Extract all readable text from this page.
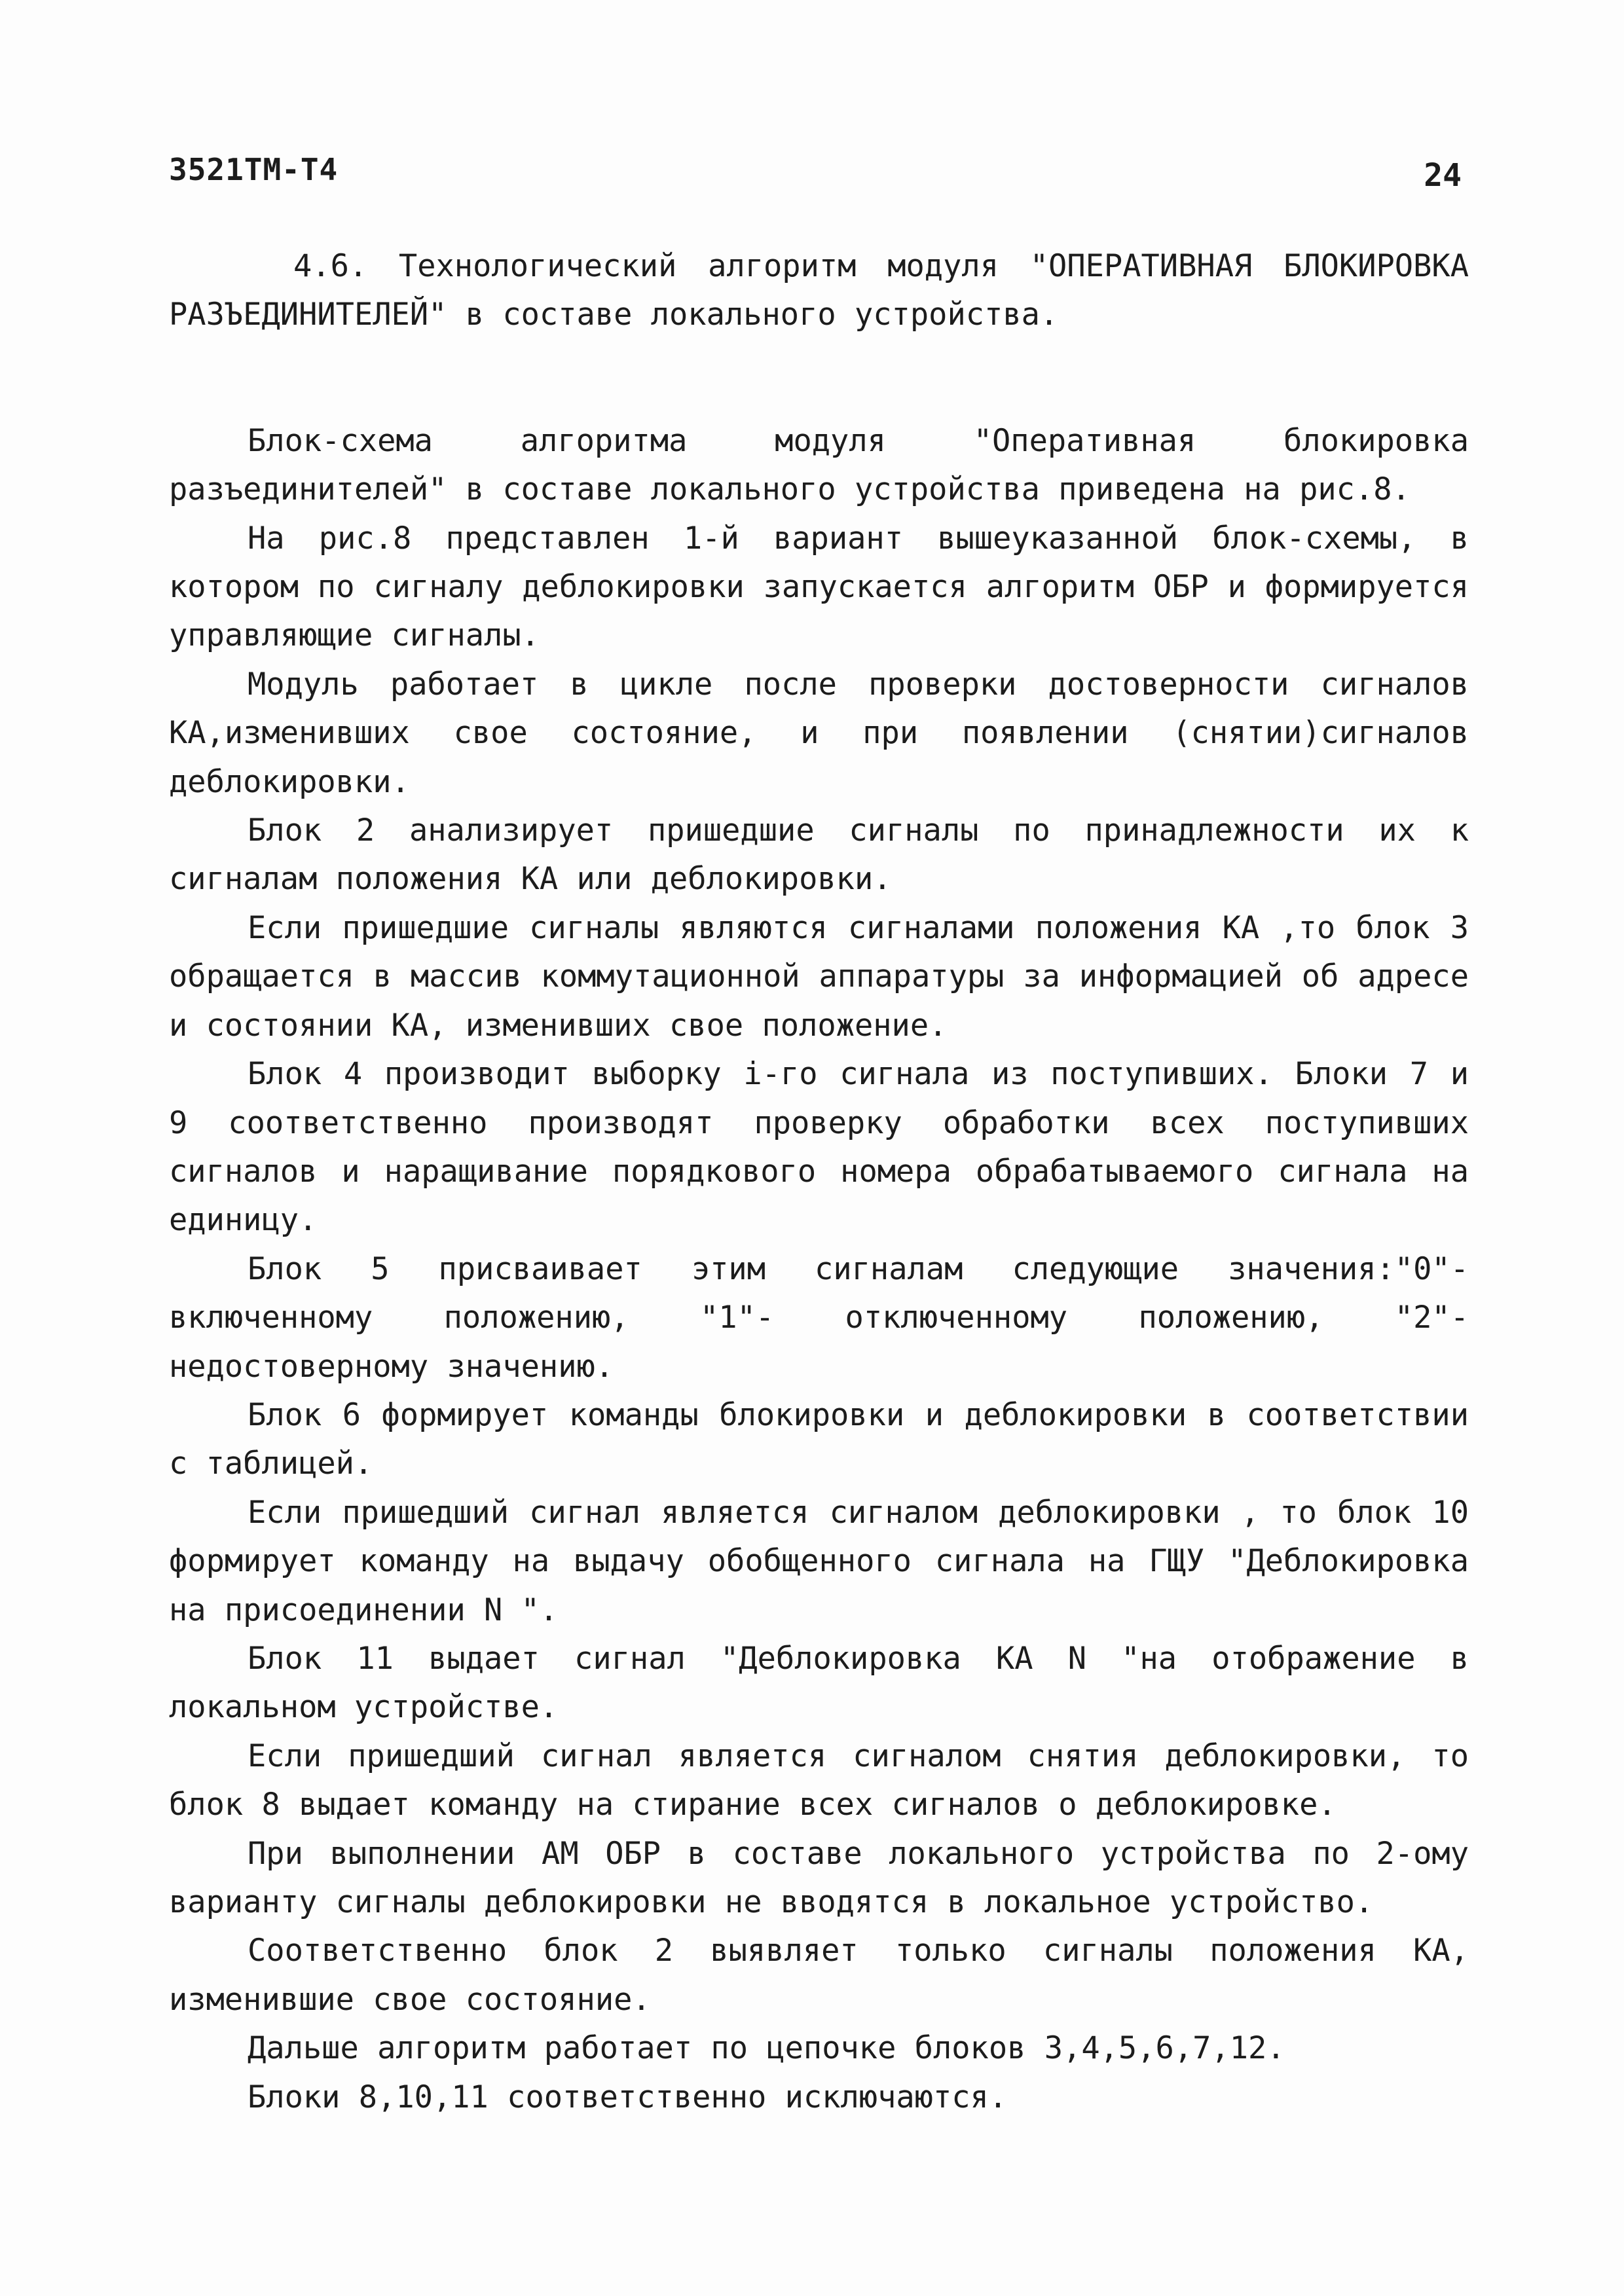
3521ТМ-Т4	24

4.6. Технологический алгоритм модуля "ОПЕРАТИВНАЯ БЛОКИРОВКА РАЗЪЕДИНИТЕЛЕЙ" в составе локального устройства.

Блок-схема алгоритма модуля "Оперативная блокировка разъединителей" в составе локального устройства приведена на рис.8.

На рис.8 представлен 1-й вариант вышеуказанной блок-схемы, в котором по сигналу деблокировки запускается алгоритм ОБР и формируется управляющие сигналы.

Модуль работает в цикле после проверки достоверности сигналов КА,изменивших свое состояние, и при появлении (снятии)сигналов деблокировки.

Блок 2 анализирует пришедшие сигналы по принадлежности их к сигналам положения КА или деблокировки.

Если пришедшие сигналы являются сигналами положения КА ,то блок 3 обращается в массив коммутационной аппаратуры за информацией об адресе и состоянии КА, изменивших свое положение.

Блок 4 производит выборку i-го сигнала из поступивших. Блоки 7 и 9 соответственно производят проверку обработки всех поступивших сигналов и наращивание порядкового номера обрабатываемого сигнала на единицу.

Блок 5 присваивает этим сигналам следующие значения:"0"- включенному положению, "1"- отключенному положению, "2"- недостоверному значению.

Блок 6 формирует команды блокировки и деблокировки в соответствии с таблицей.

Если пришедший сигнал является сигналом деблокировки , то блок 10 формирует команду на выдачу обобщенного сигнала на ГЩУ "Деблокировка на присоединении N ".

Блок 11 выдает сигнал "Деблокировка КА N "на отображение в локальном устройстве.

Если пришедший сигнал является сигналом снятия деблокировки, то блок 8 выдает команду на стирание всех сигналов о деблокировке.

При выполнении АМ ОБР в составе локального устройства по 2-ому варианту сигналы деблокировки не вводятся в локальное устройство.

Соответственно блок 2 выявляет только сигналы положения КА, изменившие свое состояние.

Дальше алгоритм работает по цепочке блоков 3,4,5,6,7,12.

Блоки 8,10,11 соответственно исключаются.
